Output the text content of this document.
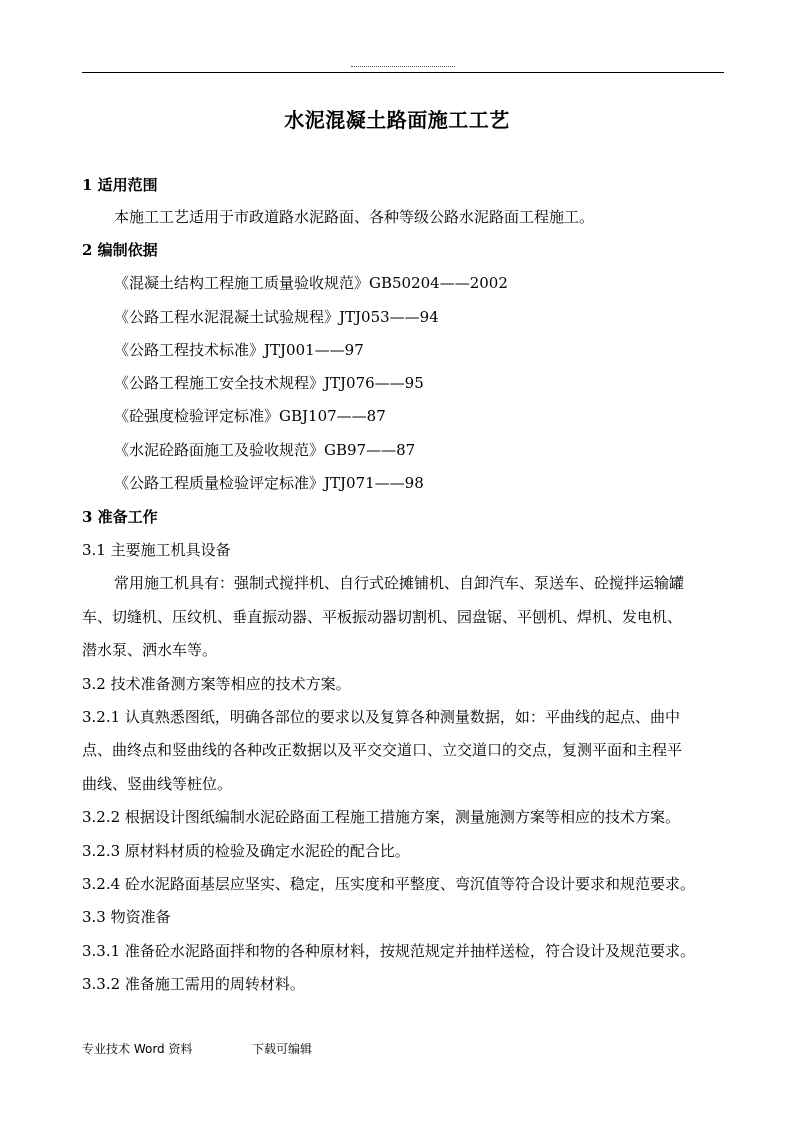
水泥混凝土路面施工工艺
1 适用范围
本施工工艺适用于市政道路水泥路面、各种等级公路水泥路面工程施工。
2 编制依据
《混凝土结构工程施工质量验收规范》GB50204——2002
《公路工程水泥混凝土试验规程》JTJ053——94
《公路工程技术标准》JTJ001——97
《公路工程施工安全技术规程》JTJ076——95
《砼强度检验评定标准》GBJ107——87
《水泥砼路面施工及验收规范》GB97——87
《公路工程质量检验评定标准》JTJ071——98
3 准备工作
3.1 主要施工机具设备
常用施工机具有：强制式搅拌机、自行式砼摊铺机、自卸汽车、泵送车、砼搅拌运输罐
车、切缝机、压纹机、垂直振动器、平板振动器切割机、园盘锯、平刨机、焊机、发电机、
潜水泵、洒水车等。
3.2 技术准备测方案等相应的技术方案。
3.2.1 认真熟悉图纸，明确各部位的要求以及复算各种测量数据，如：平曲线的起点、曲中
点、曲终点和竖曲线的各种改正数据以及平交交道口、立交道口的交点，复测平面和主程平
曲线、竖曲线等桩位。
3.2.2 根据设计图纸编制水泥砼路面工程施工措施方案，测量施测方案等相应的技术方案。
3.2.3 原材料材质的检验及确定水泥砼的配合比。
3.2.4 砼水泥路面基层应坚实、稳定，压实度和平整度、弯沉值等符合设计要求和规范要求。
3.3 物资准备
3.3.1 准备砼水泥路面拌和物的各种原材料，按规范规定并抽样送检，符合设计及规范要求。
3.3.2 准备施工需用的周转材料。
专业技术 Word 资料	下载可编辑
